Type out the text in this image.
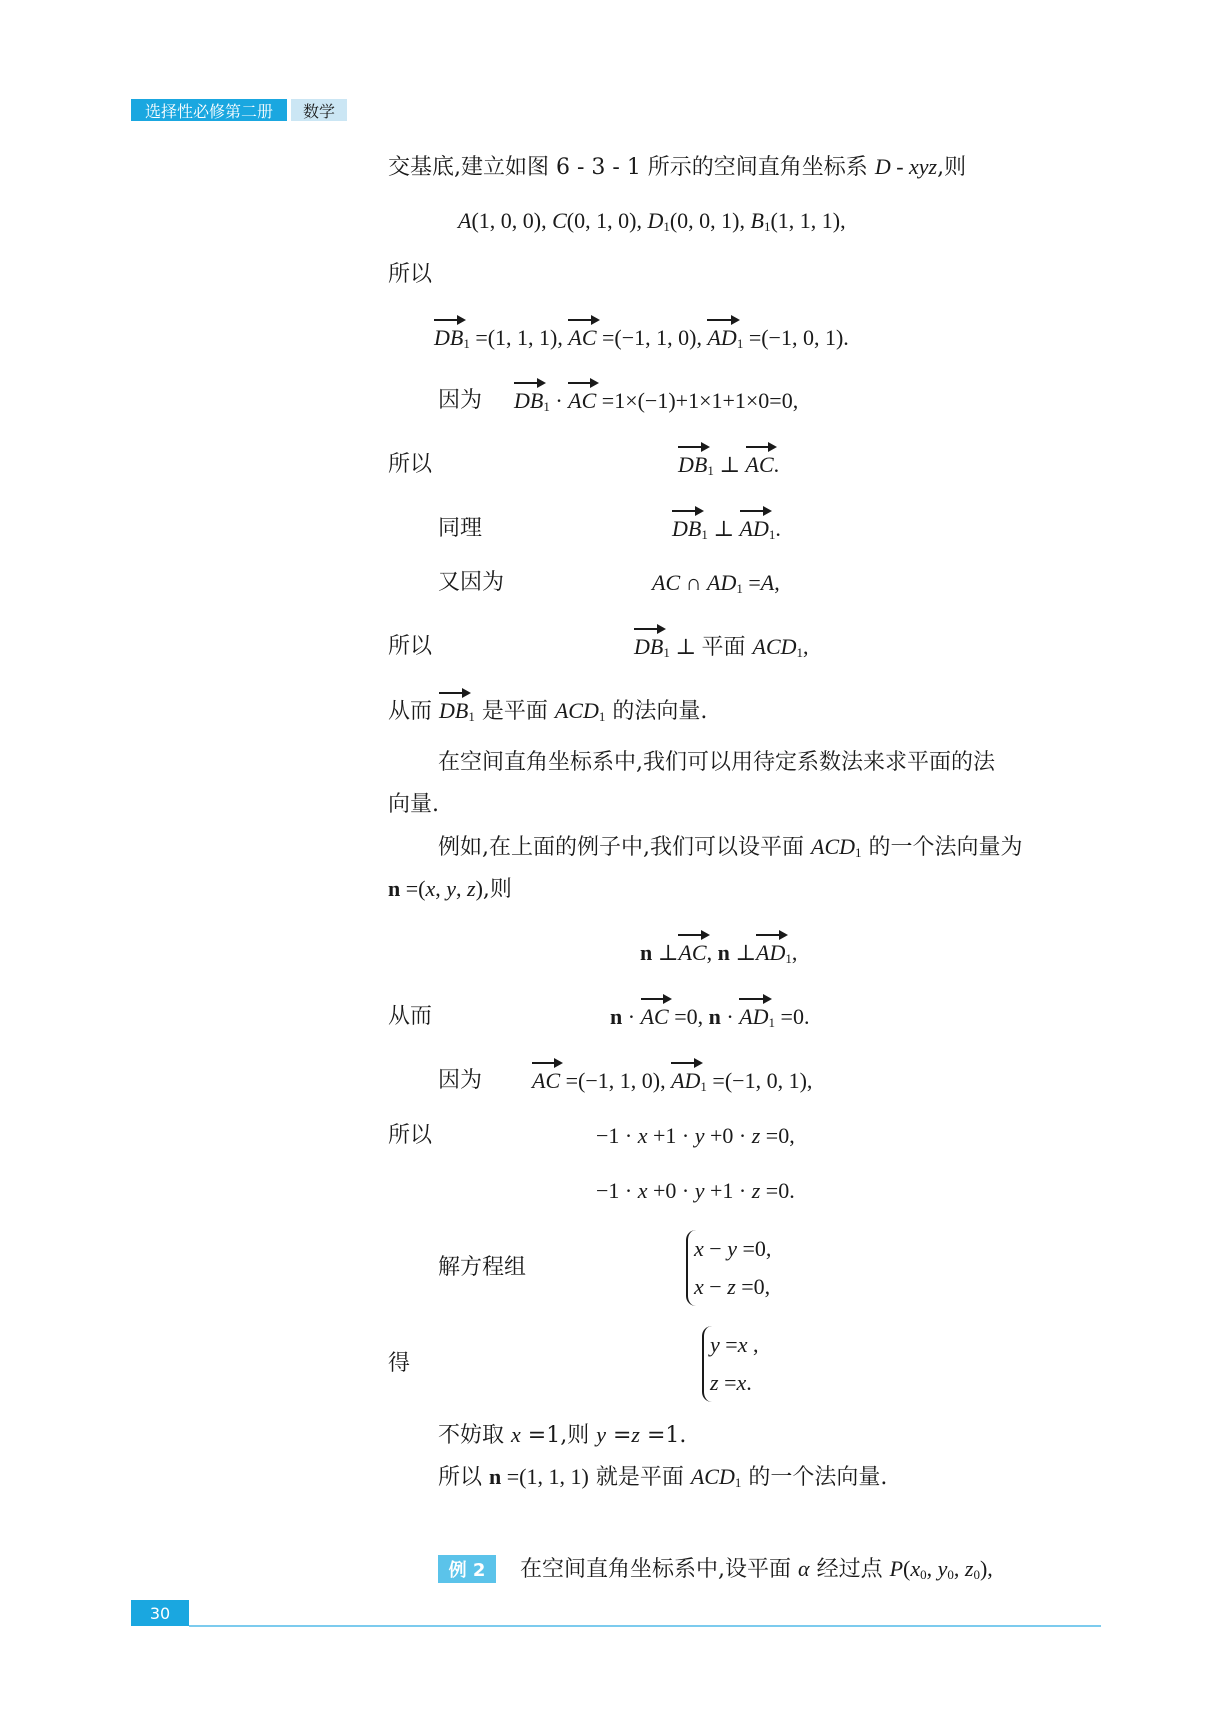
选择性必修第二册	数学
交基底,建立如图 6 - 3 - 1 所示的空间直角坐标系 D - xyz,则
A(1, 0, 0), C(0, 1, 0), $D_1(0$, 0, 1), $B_1(1$, 1, 1),
所以
$DB_1 =(1$, 1, 1), AC =(−1, 1, 0), $AD_1 =(-1$, 0, 1).
因为 $DB_1$ · AC =1×(−1)+1×1+1×0=0,
所以	$DB_1$ ⊥ AC.
同理	$DB_1$ ⊥ $AD_1$.
又因为	AC ∩ $AD_1 =A$,
所以	$DB_1$ ⊥ 平面 $ACD_1$,
从而 $DB_1$ 是平面 $ACD_1$ 的法向量.
在空间直角坐标系中,我们可以用待定系数法来求平面的法
向量.
例如,在上面的例子中,我们可以设平面 $ACD_1$ 的一个法向量为
n =(x, y, z),则
n ⊥AC, n $\perp AD_1$,
从而	n · AC =0, $n \cdot AD_1 =0$.
因为 AC =(−1, 1, 0), $AD_1 =(-1$, 0, 1),
所以	−1 · x +1 · y +0 · z =0,
−1 · x +0 · y +1 · z =0.
解方程组
x − y =0,
x − z =0,
得
y =x ,
z =x.
不妨取 x =1,则 y =z =1.
所以 n =(1, 1, 1) 就是平面 $ACD_1$ 的一个法向量.
例 2	在空间直角坐标系中,设平面 α 经过点 $P(x_0$, $y_0$, $z_0$),
30
